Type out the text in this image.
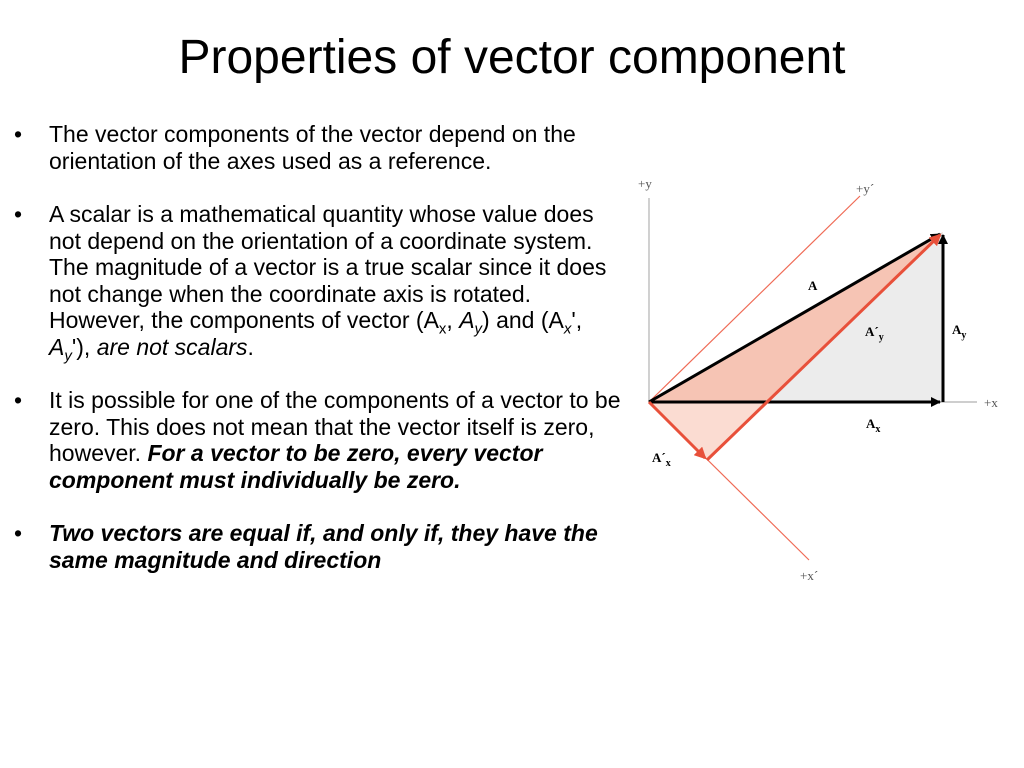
Properties of vector component
• The vector components of the vector depend on the orientation of the axes used as a reference.
• A scalar is a mathematical quantity whose value does not depend on the orientation of a coordinate system. The magnitude of a vector is a true scalar since it does not change when the coordinate axis is rotated. However, the components of vector ($A_x$, $A_y$) and ($A_x'$, $A_y'$), are not scalars.
• It is possible for one of the components of a vector to be zero. This does not mean that the vector itself is zero, however. For a vector to be zero, every vector component must individually be zero.
• Two vectors are equal if, and only if, they have the same magnitude and direction
+y	+y´
+x
+x´
A
$A´_y$
$A_y$
$A_x$
$A´_x$
